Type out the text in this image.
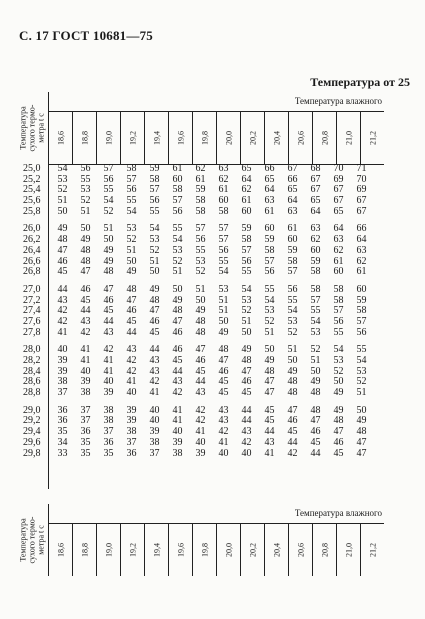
С. 17 ГОСТ 10681—75
Температура от 25
Температура сухого термо- метра t с	Температура влажного													

	18,6	18,8	19,0	19,2	19,4	19,6	19,8	20,0	20,2	20,4	20,6	20,8	21,0	21,2
25,0	54	56	57	58	59	61	62	63	65	66	67	68	70	71
25,2	53	55	56	57	58	60	61	62	64	65	66	67	69	70
25,4	52	53	55	56	57	58	59	61	62	64	65	67	67	69
25,6	51	52	54	55	56	57	58	60	61	63	64	65	67	67
25,8	50	51	52	54	55	56	58	58	60	61	63	64	65	67
26,0	49	50	51	53	54	55	57	57	59	60	61	63	64	66
26,2	48	49	50	52	53	54	56	57	58	59	60	62	63	64
26,4	47	48	49	51	52	53	55	56	57	58	59	60	62	63
26,6	46	48	49	50	51	52	53	55	56	57	58	59	61	62
26,8	45	47	48	49	50	51	52	54	55	56	57	58	60	61
27,0	44	46	47	48	49	50	51	53	54	55	56	58	58	60
27,2	43	45	46	47	48	49	50	51	53	54	55	57	58	59
27,4	42	44	45	46	47	48	49	51	52	53	54	55	57	58
27,6	42	43	44	45	46	47	48	50	51	52	53	54	56	57
27,8	41	42	43	44	45	46	48	49	50	51	52	53	55	56
28,0	40	41	42	43	44	46	47	48	49	50	51	52	54	55
28,2	39	41	41	42	43	45	46	47	48	49	50	51	53	54
28,4	39	40	41	42	43	44	45	46	47	48	49	50	52	53
28,6	38	39	40	41	42	43	44	45	46	47	48	49	50	52
28,8	37	38	39	40	41	42	43	45	45	47	48	48	49	51
29,0	36	37	38	39	40	41	42	43	44	45	47	48	49	50
29,2	36	37	38	39	40	41	42	43	44	45	46	47	48	49
29,4	35	36	37	38	39	40	41	42	43	44	45	46	47	48
29,6	34	35	36	37	38	39	40	41	42	43	44	45	46	47
29,8	33	35	35	36	37	38	39	40	40	41	42	44	45	47
Температура сухого термо- метра t с	Температура влажного													

	18,6	18,8	19,0	19,2	19,4	19,6	19,8	20,0	20,2	20,4	20,6	20,8	21,0	21,2
